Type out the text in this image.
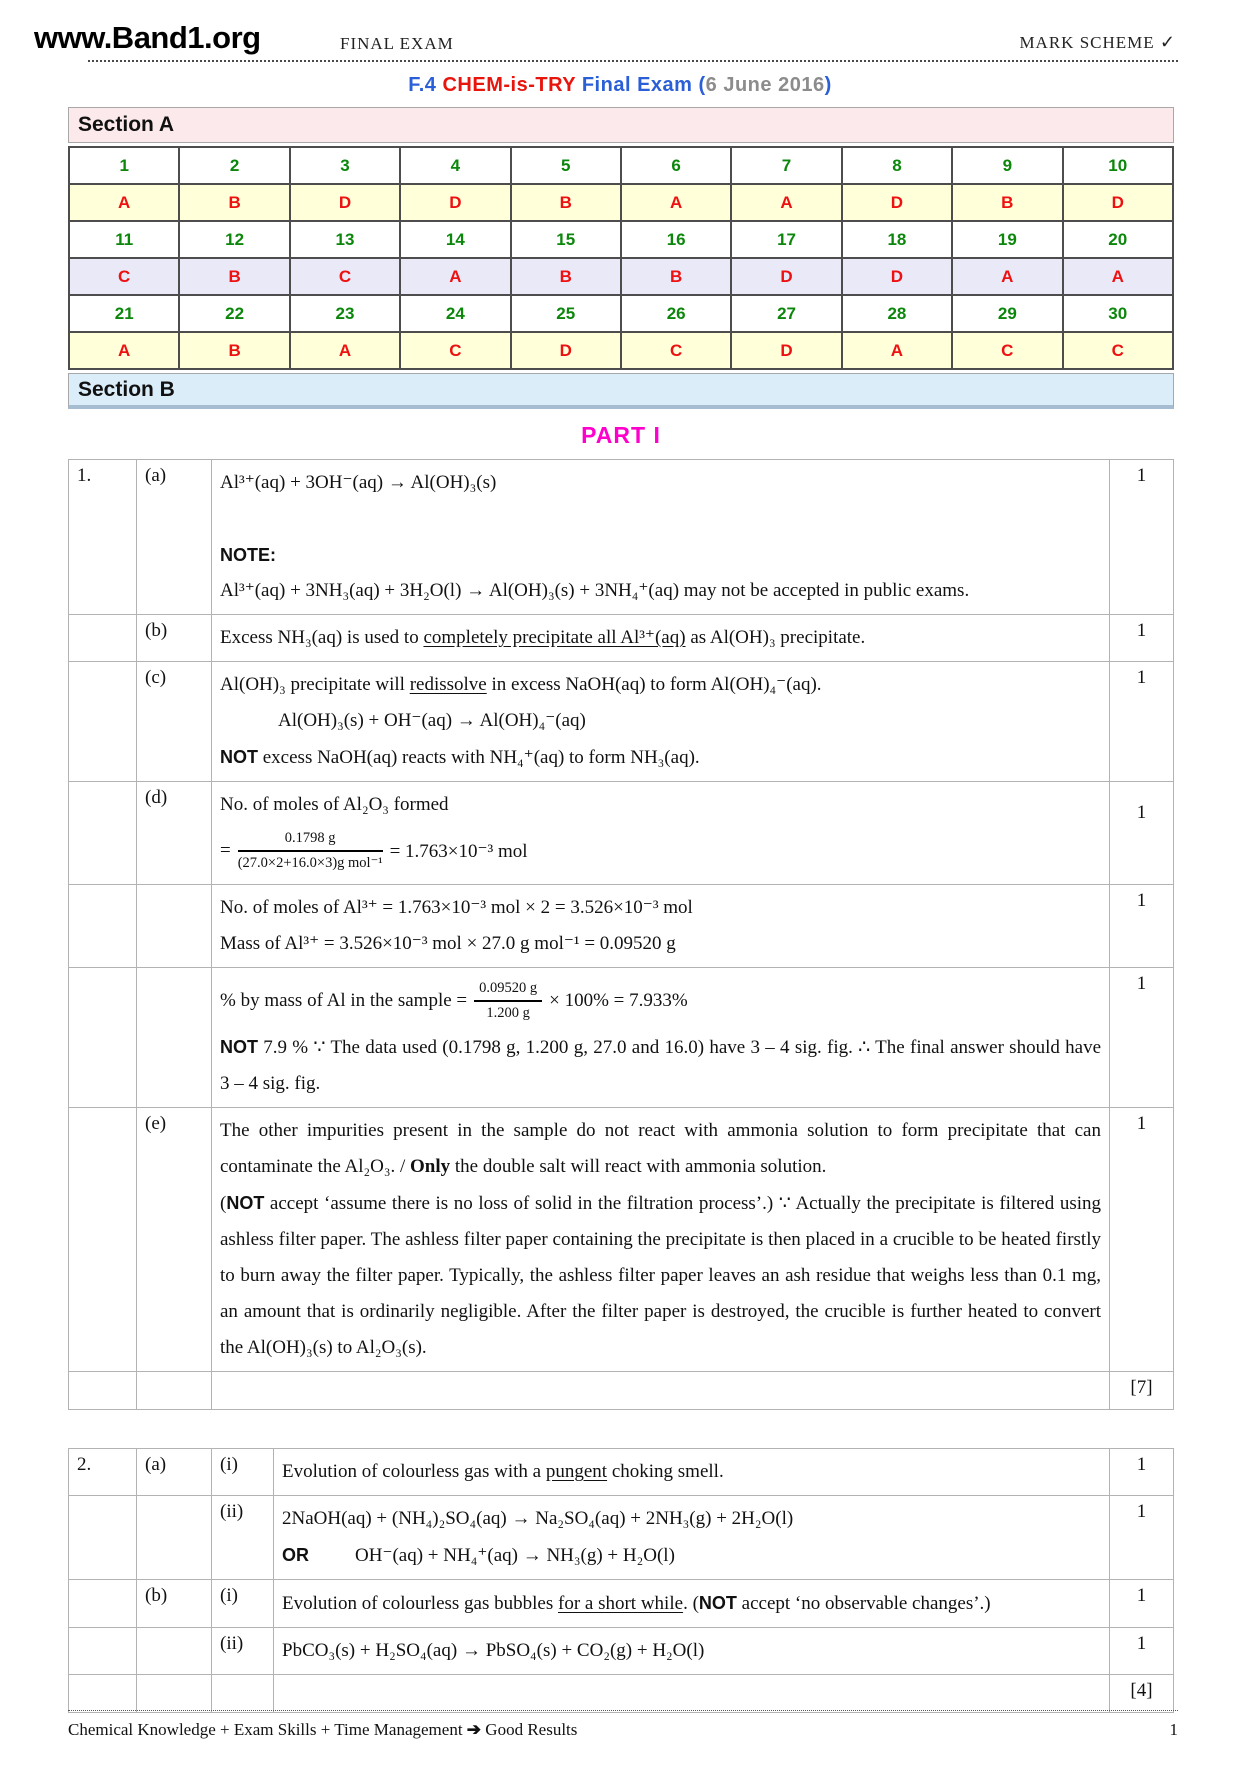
www.Band1.org	FINAL EXAM	MARK SCHEME ✓
F.4 CHEM-is-TRY Final Exam (6 June 2016)
Section A
1	2	3	4	5	6	7	8	9	10
A	B	D	D	B	A	A	D	B	D
11	12	13	14	15	16	17	18	19	20
C	B	C	A	B	B	D	D	A	A
21	22	23	24	25	26	27	28	29	30
A	B	A	C	D	C	D	A	C	C
Section B
PART I
1.	(a)	Al³⁺(aq) + 3OH⁻(aq) → Al(OH)₃(s)
NOTE:
Al³⁺(aq) + 3NH₃(aq) + 3H₂O(l) → Al(OH)₃(s) + 3NH₄⁺(aq) may not be accepted in public exams.	1
	(b)	Excess NH₃(aq) is used to completely precipitate all Al³⁺(aq) as Al(OH)₃ precipitate.	1
	(c)	Al(OH)₃ precipitate will redissolve in excess NaOH(aq) to form Al(OH)₄⁻(aq).
Al(OH)₃(s) + OH⁻(aq) → Al(OH)₄⁻(aq)
NOT excess NaOH(aq) reacts with NH₄⁺(aq) to form NH₃(aq).	1
	(d)	No. of moles of Al₂O₃ formed
= $\frac{0.1798 g}{\text{(27.0×2+16.0×3)g mol⁻¹}} = 1.763\times 10^{-3}$ mol	1

		No. of moles of Al³⁺ = 1.763×10⁻³ mol × 2 = 3.526×10⁻³ mol
Mass of Al³⁺ = 3.526×10⁻³ mol × 27.0 g mol⁻¹ = 0.09520 g	1

		% by mass of Al in the sample = $\frac{0.09520 g}{1.200 g} \times 100\% = 7.933\%$
NOT 7.9 % ∵ The data used (0.1798 g, 1.200 g, 27.0 and 16.0) have 3 – 4 sig. fig. ∴ The final answer should have 3 – 4 sig. fig.	1
	(e)	The other impurities present in the sample do not react with ammonia solution to form precipitate that can contaminate the Al₂O₃. / Only the double salt will react with ammonia solution.
(NOT accept ‘assume there is no loss of solid in the filtration process’.) ∵ Actually the precipitate is filtered using ashless filter paper. The ashless filter paper containing the precipitate is then placed in a crucible to be heated firstly to burn away the filter paper. Typically, the ashless filter paper leaves an ash residue that weighs less than 0.1 mg, an amount that is ordinarily negligible. After the filter paper is destroyed, the crucible is further heated to convert the Al(OH)₃(s) to Al₂O₃(s).	1
			[7]
2.	(a)	(i)	Evolution of colourless gas with a pungent choking smell.	1
		(ii)	2NaOH(aq) + (NH₄)₂SO₄(aq) → Na₂SO₄(aq) + 2NH₃(g) + 2H₂O(l)
OR OH⁻(aq) + NH₄⁺(aq) → NH₃(g) + H₂O(l)	1
	(b)	(i)	Evolution of colourless gas bubbles for a short while. (NOT accept ‘no observable changes’.)	1
		(ii)	PbCO₃(s) + H₂SO₄(aq) → PbSO₄(s) + CO₂(g) + H₂O(l)	1
				[4]
Chemical Knowledge + Exam Skills + Time Management ➔ Good Results	1
